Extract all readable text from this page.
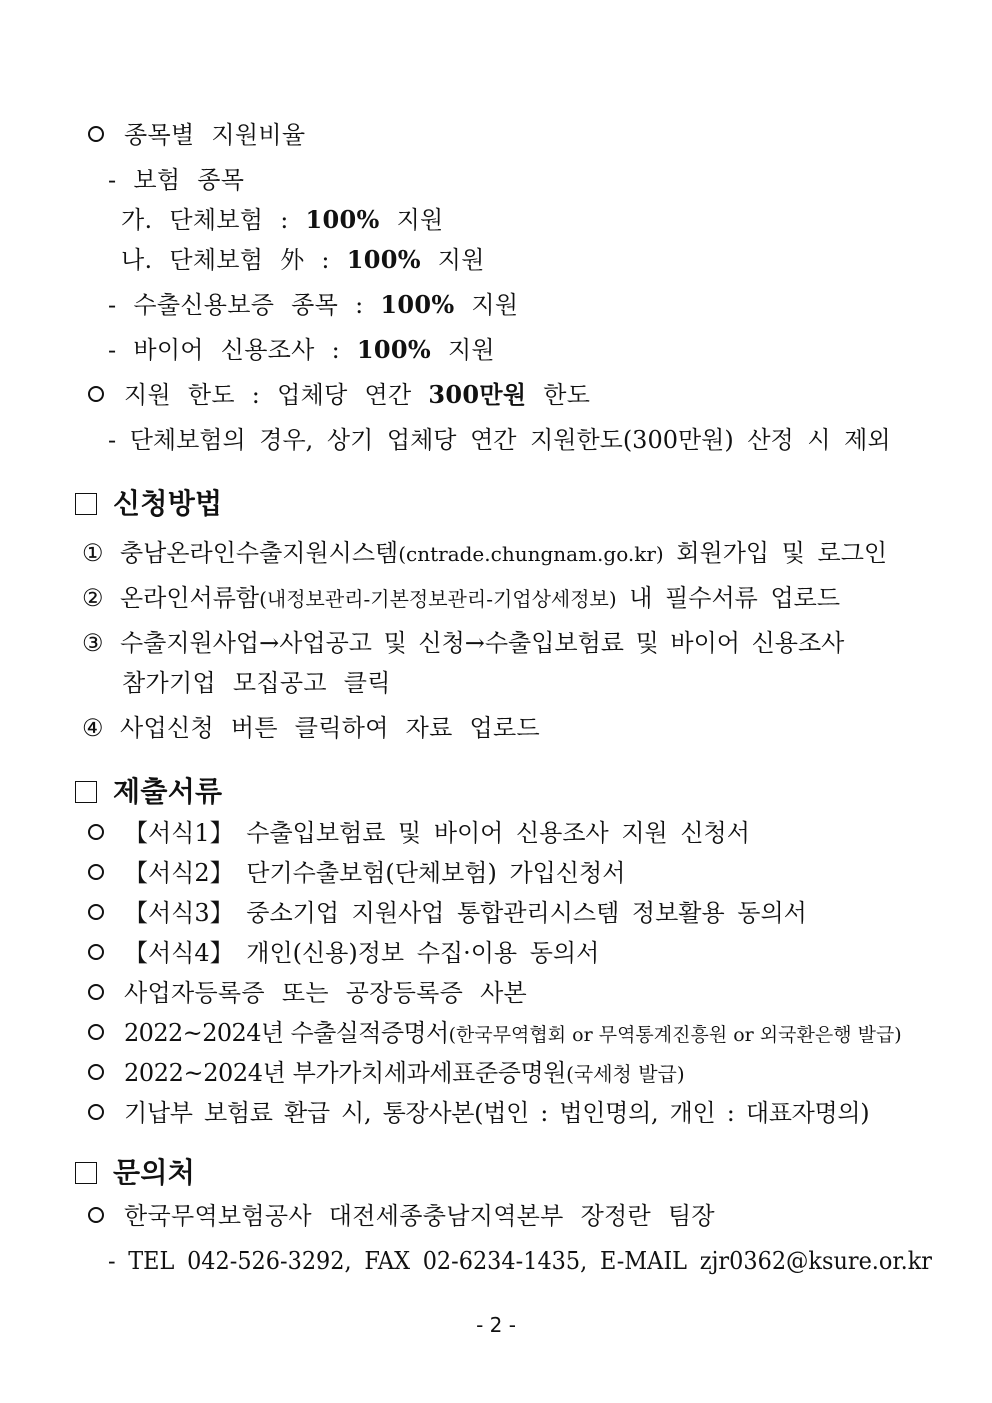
종목별 지원비율
- 보험 종목
가. 단체보험 : 100% 지원
나. 단체보험 外 : 100% 지원
- 수출신용보증 종목 : 100% 지원
- 바이어 신용조사 : 100% 지원
지원 한도 : 업체당 연간 300만원 한도
- 단체보험의 경우, 상기 업체당 연간 지원한도(300만원) 산정 시 제외
신청방법
① 충남온라인수출지원시스템(cntrade.chungnam.go.kr) 회원가입 및 로그인
② 온라인서류함(내정보관리-기본정보관리-기업상세정보) 내 필수서류 업로드
③ 수출지원사업→사업공고 및 신청→수출입보험료 및 바이어 신용조사
참가기업 모집공고 클릭
④ 사업신청 버튼 클릭하여 자료 업로드
제출서류
【서식1】 수출입보험료 및 바이어 신용조사 지원 신청서
【서식2】 단기수출보험(단체보험) 가입신청서
【서식3】 중소기업 지원사업 통합관리시스템 정보활용 동의서
【서식4】 개인(신용)정보 수집·이용 동의서
사업자등록증 또는 공장등록증 사본
2022~2024년 수출실적증명서(한국무역협회 or 무역통계진흥원 or 외국환은행 발급)
2022~2024년 부가가치세과세표준증명원(국세청 발급)
기납부 보험료 환급 시, 통장사본(법인 : 법인명의, 개인 : 대표자명의)
문의처
한국무역보험공사 대전세종충남지역본부 장정란 팀장
- TEL 042-526-3292, FAX 02-6234-1435, E-MAIL zjr0362@ksure.or.kr
- 2 -
